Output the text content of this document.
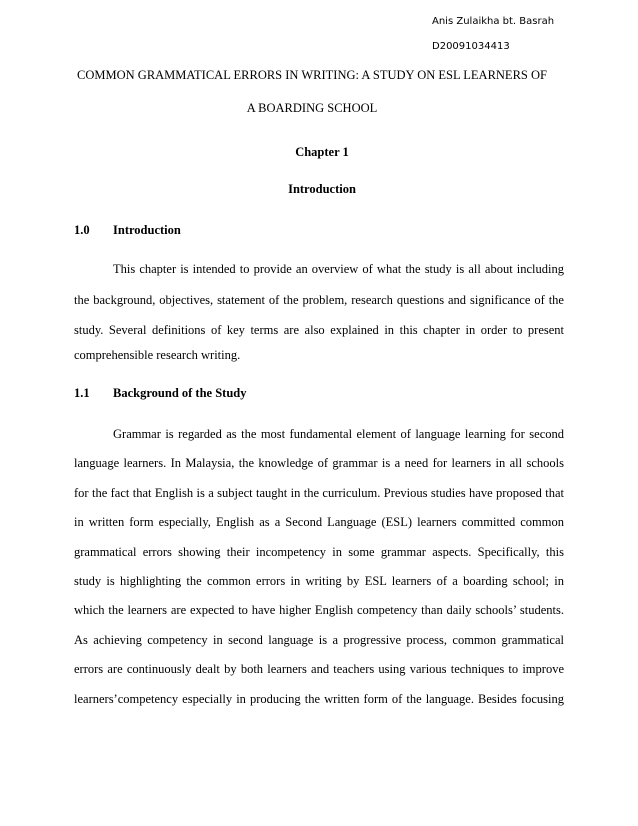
Anis Zulaikha bt. Basrah
D20091034413
COMMON GRAMMATICAL ERRORS IN WRITING: A STUDY ON ESL LEARNERS OF
A BOARDING SCHOOL
Chapter 1
Introduction
1.0 Introduction
This chapter is intended to provide an overview of what the study is all about including
the background, objectives, statement of the problem, research questions and significance of the
study. Several definitions of key terms are also explained in this chapter in order to present
comprehensible research writing.
1.1 Background of the Study
Grammar is regarded as the most fundamental element of language learning for second
language learners. In Malaysia, the knowledge of grammar is a need for learners in all schools
for the fact that English is a subject taught in the curriculum. Previous studies have proposed that
in written form especially, English as a Second Language (ESL) learners committed common
grammatical errors showing their incompetency in some grammar aspects. Specifically, this
study is highlighting the common errors in writing by ESL learners of a boarding school; in
which the learners are expected to have higher English competency than daily schools’ students.
As achieving competency in second language is a progressive process, common grammatical
errors are continuously dealt by both learners and teachers using various techniques to improve
learners’competency especially in producing the written form of the language. Besides focusing
